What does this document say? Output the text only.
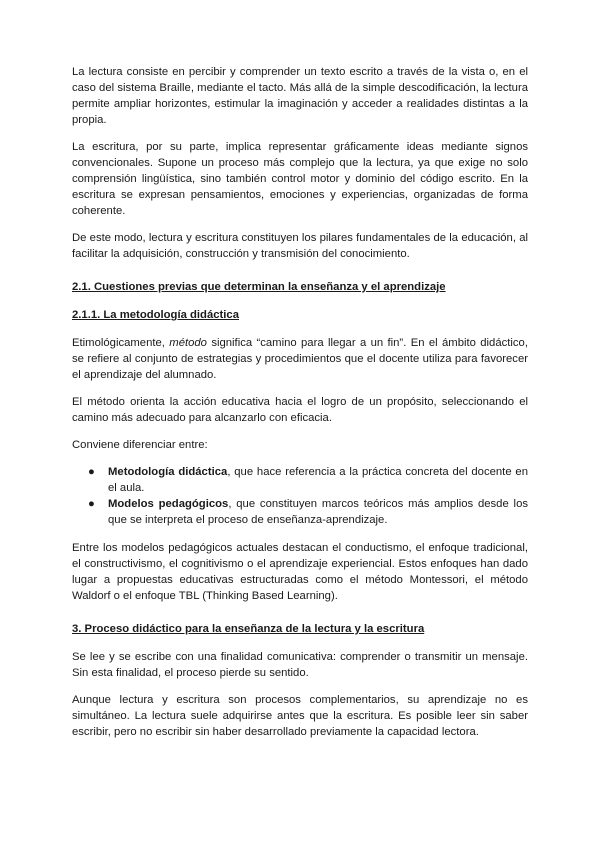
La lectura consiste en percibir y comprender un texto escrito a través de la vista o, en el caso del sistema Braille, mediante el tacto. Más allá de la simple descodificación, la lectura permite ampliar horizontes, estimular la imaginación y acceder a realidades distintas a la propia.

La escritura, por su parte, implica representar gráficamente ideas mediante signos convencionales. Supone un proceso más complejo que la lectura, ya que exige no solo comprensión lingüística, sino también control motor y dominio del código escrito. En la escritura se expresan pensamientos, emociones y experiencias, organizadas de forma coherente.

De este modo, lectura y escritura constituyen los pilares fundamentales de la educación, al facilitar la adquisición, construcción y transmisión del conocimiento.

2.1. Cuestiones previas que determinan la enseñanza y el aprendizaje
2.1.1. La metodología didáctica

Etimológicamente, método significa “camino para llegar a un fin”. En el ámbito didáctico, se refiere al conjunto de estrategias y procedimientos que el docente utiliza para favorecer el aprendizaje del alumnado.

El método orienta la acción educativa hacia el logro de un propósito, seleccionando el camino más adecuado para alcanzarlo con eficacia.

Conviene diferenciar entre:

● Metodología didáctica, que hace referencia a la práctica concreta del docente en el aula.
● Modelos pedagógicos, que constituyen marcos teóricos más amplios desde los que se interpreta el proceso de enseñanza-aprendizaje.

Entre los modelos pedagógicos actuales destacan el conductismo, el enfoque tradicional, el constructivismo, el cognitivismo o el aprendizaje experiencial. Estos enfoques han dado lugar a propuestas educativas estructuradas como el método Montessori, el método Waldorf o el enfoque TBL (Thinking Based Learning).

3. Proceso didáctico para la enseñanza de la lectura y la escritura

Se lee y se escribe con una finalidad comunicativa: comprender o transmitir un mensaje. Sin esta finalidad, el proceso pierde su sentido.

Aunque lectura y escritura son procesos complementarios, su aprendizaje no es simultáneo. La lectura suele adquirirse antes que la escritura. Es posible leer sin saber escribir, pero no escribir sin haber desarrollado previamente la capacidad lectora.
